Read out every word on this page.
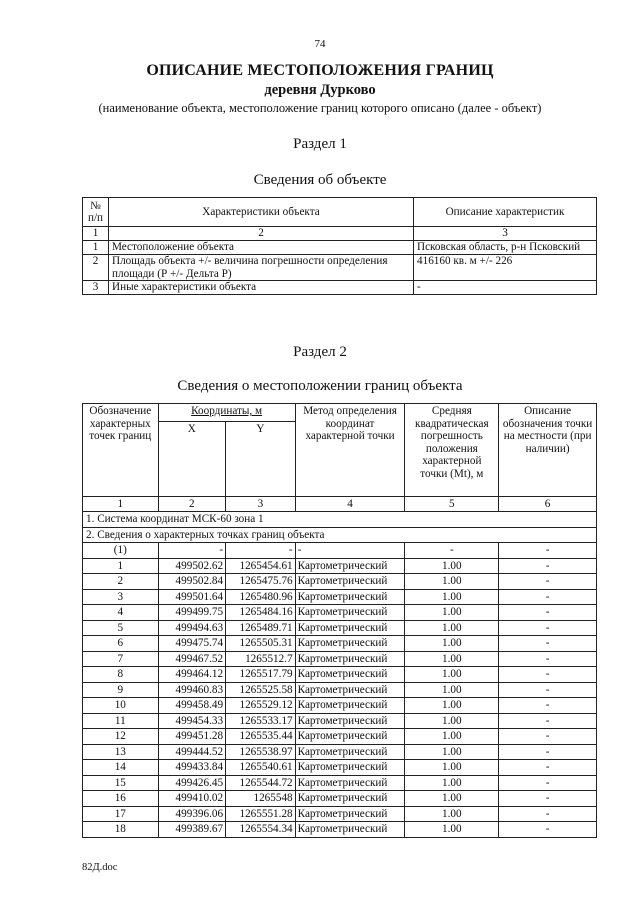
74
ОПИСАНИЕ МЕСТОПОЛОЖЕНИЯ ГРАНИЦ
деревня Дурково
(наименование объекта, местоположение границ которого описано (далее - объект)
Раздел 1
Сведения об объекте
№ п/п	Характеристики объекта	Описание характеристик
1	2	3
1	Местоположение объекта	Псковская область, р-н Псковский
2	Площадь объекта +/- величина погрешности определения площади (Р +/- Дельта Р)	416160 кв. м +/- 226
3	Иные характеристики объекта	-
Раздел 2
Сведения о местоположении границ объекта
Обозначение характерных точек границ	Координаты, м		Метод определения координат характерной точки	Средняя квадратическая погрешность положения характерной точки (Mt), м	Описание обозначения точки на местности (при наличии)
	X	Y			
1	2	3	4	5	6
1. Система координат МСК-60 зона 1					
2. Сведения о характерных точках границ объекта					
(1)	-	-	-	-	-
1	499502.62	1265454.61	Картометрический	1.00	-
2	499502.84	1265475.76	Картометрический	1.00	-
3	499501.64	1265480.96	Картометрический	1.00	-
4	499499.75	1265484.16	Картометрический	1.00	-
5	499494.63	1265489.71	Картометрический	1.00	-
6	499475.74	1265505.31	Картометрический	1.00	-
7	499467.52	1265512.7	Картометрический	1.00	-
8	499464.12	1265517.79	Картометрический	1.00	-
9	499460.83	1265525.58	Картометрический	1.00	-
10	499458.49	1265529.12	Картометрический	1.00	-
11	499454.33	1265533.17	Картометрический	1.00	-
12	499451.28	1265535.44	Картометрический	1.00	-
13	499444.52	1265538.97	Картометрический	1.00	-
14	499433.84	1265540.61	Картометрический	1.00	-
15	499426.45	1265544.72	Картометрический	1.00	-
16	499410.02	1265548	Картометрический	1.00	-
17	499396.06	1265551.28	Картометрический	1.00	-
18	499389.67	1265554.34	Картометрический	1.00	-
82Д.doc
